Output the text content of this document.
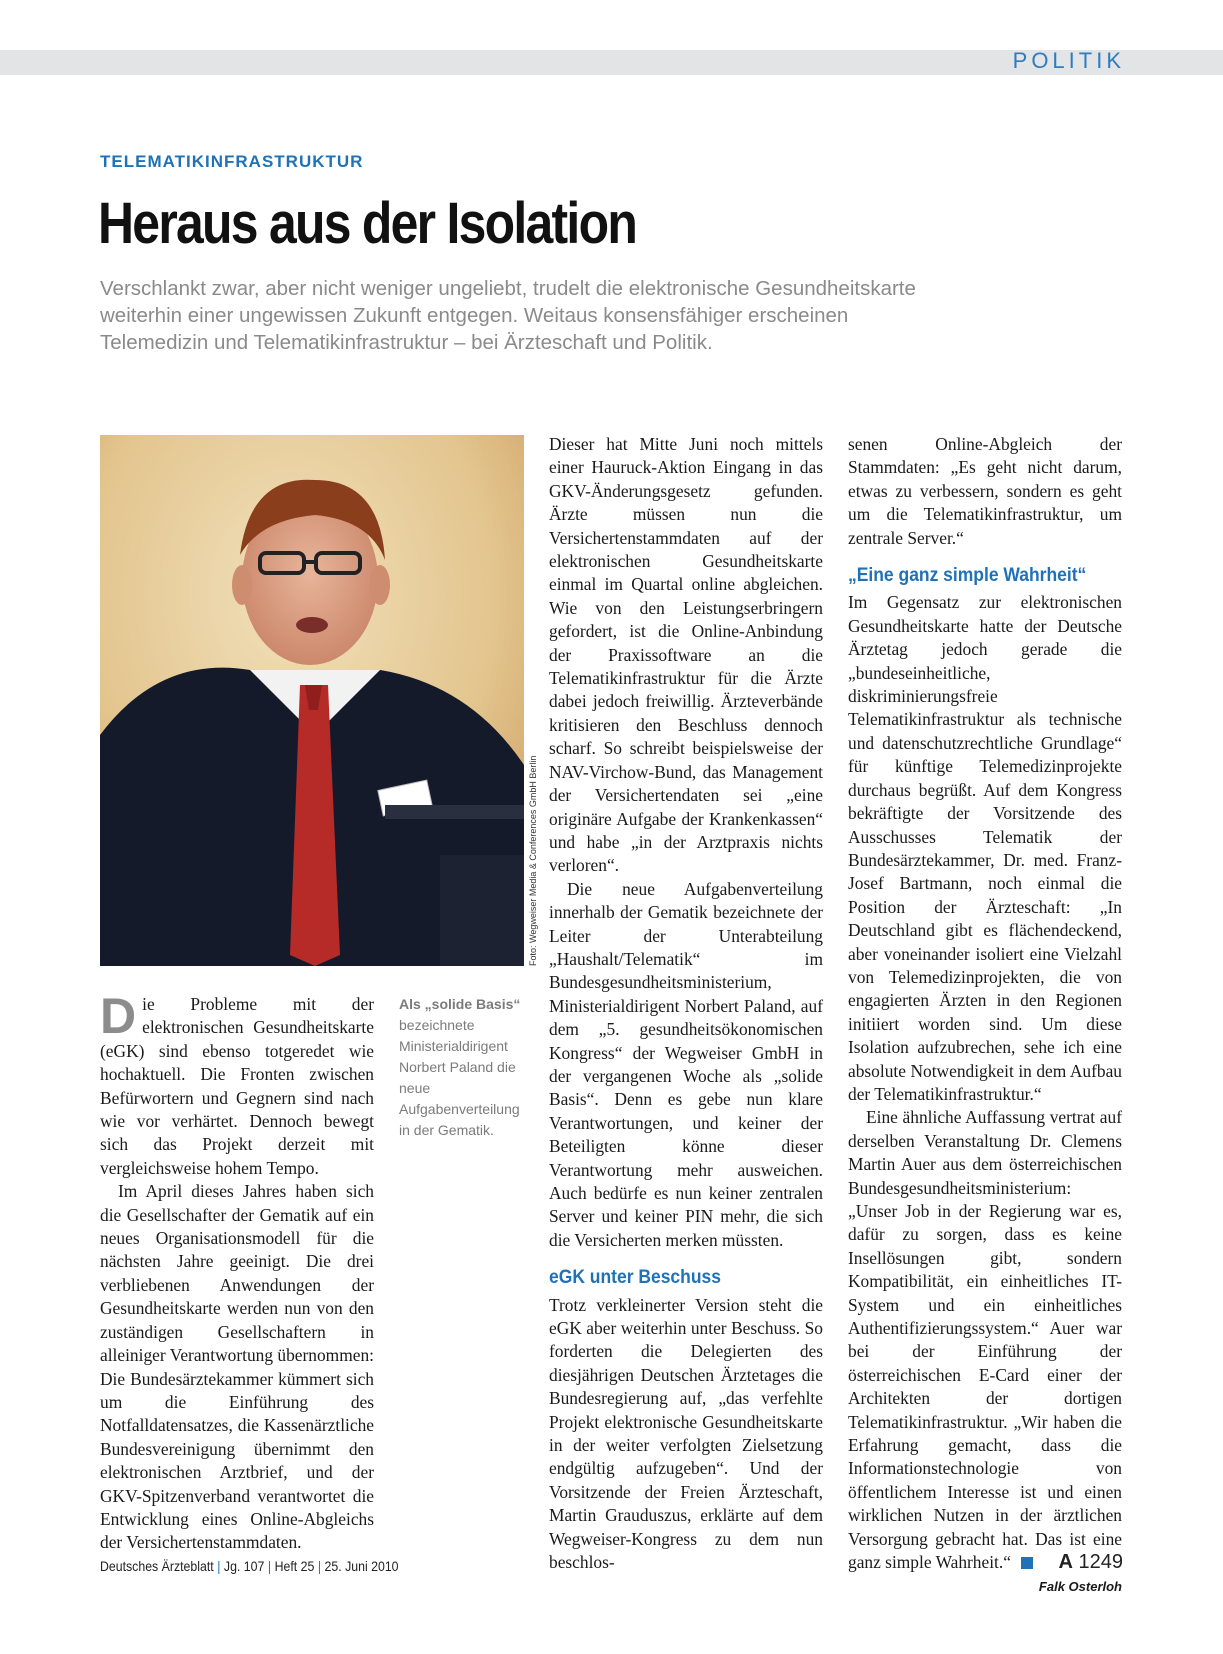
POLITIK
TELEMATIKINFRASTRUKTUR
Heraus aus der Isolation
Verschlankt zwar, aber nicht weniger ungeliebt, trudelt die elektronische Gesundheitskarte weiterhin einer ungewissen Zukunft entgegen. Weitaus konsensfähiger erscheinen Telemedizin und Telematikinfrastruktur – bei Ärzteschaft und Politik.
Foto: Wegweiser Media & Conferences GmbH Berlin
Als „solide Basis“ bezeichnete Ministerialdirigent Norbert Paland die neue Aufgabenverteilung in der Gematik.

Die Probleme mit der elektronischen Gesundheitskarte (eGK) sind ebenso totgeredet wie hochaktuell. Die Fronten zwischen Befürwortern und Gegnern sind nach wie vor verhärtet. Dennoch bewegt sich das Projekt derzeit mit vergleichsweise hohem Tempo.

Im April dieses Jahres haben sich die Gesellschafter der Gematik auf ein neues Organisationsmodell für die nächsten Jahre geeinigt. Die drei verbliebenen Anwendungen der Gesundheitskarte werden nun von den zuständigen Gesellschaftern in alleiniger Verantwortung übernommen: Die Bundesärztekammer kümmert sich um die Einführung des Notfalldatensatzes, die Kassenärztliche Bundesvereinigung übernimmt den elektronischen Arztbrief, und der GKV-Spitzenverband verantwortet die Entwicklung eines Online-Abgleichs der Versichertenstammdaten.

Dieser hat Mitte Juni noch mittels einer Hauruck-Aktion Eingang in das GKV-Änderungsgesetz gefunden. Ärzte müssen nun die Versichertenstammdaten auf der elektronischen Gesundheitskarte einmal im Quartal online abgleichen. Wie von den Leistungserbringern gefordert, ist die Online-Anbindung der Praxissoftware an die Telematikinfrastruktur für die Ärzte dabei jedoch freiwillig. Ärzteverbände kritisieren den Beschluss dennoch scharf. So schreibt beispielsweise der NAV-Virchow-Bund, das Management der Versichertendaten sei „eine originäre Aufgabe der Krankenkassen“ und habe „in der Arztpraxis nichts verloren“.

Die neue Aufgabenverteilung innerhalb der Gematik bezeichnete der Leiter der Unterabteilung „Haushalt/Telematik“ im Bundesgesundheitsministerium, Ministerialdirigent Norbert Paland, auf dem „5. gesundheitsökonomischen Kongress“ der Wegweiser GmbH in der vergangenen Woche als „solide Basis“. Denn es gebe nun klare Verantwortungen, und keiner der Beteiligten könne dieser Verantwortung mehr ausweichen. Auch bedürfe es nun keiner zentralen Server und keiner PIN mehr, die sich die Versicherten merken müssten.

eGK unter Beschuss

Trotz verkleinerter Version steht die eGK aber weiterhin unter Beschuss. So forderten die Delegierten des diesjährigen Deutschen Ärztetages die Bundesregierung auf, „das verfehlte Projekt elektronische Gesundheitskarte in der weiter verfolgten Zielsetzung endgültig aufzugeben“. Und der Vorsitzende der Freien Ärzteschaft, Martin Grauduszus, erklärte auf dem Wegweiser-Kongress zu dem nun beschlos-

senen Online-Abgleich der Stammdaten: „Es geht nicht darum, etwas zu verbessern, sondern es geht um die Telematikinfrastruktur, um zentrale Server.“

„Eine ganz simple Wahrheit“

Im Gegensatz zur elektronischen Gesundheitskarte hatte der Deutsche Ärztetag jedoch gerade die „bundeseinheitliche, diskriminierungsfreie Telematikinfrastruktur als technische und datenschutzrechtliche Grundlage“ für künftige Telemedizinprojekte durchaus begrüßt. Auf dem Kongress bekräftigte der Vorsitzende des Ausschusses Telematik der Bundesärztekammer, Dr. med. Franz-Josef Bartmann, noch einmal die Position der Ärzteschaft: „In Deutschland gibt es flächendeckend, aber voneinander isoliert eine Vielzahl von Telemedizinprojekten, die von engagierten Ärzten in den Regionen initiiert worden sind. Um diese Isolation aufzubrechen, sehe ich eine absolute Notwendigkeit in dem Aufbau der Telematikinfrastruktur.“

Eine ähnliche Auffassung vertrat auf derselben Veranstaltung Dr. Clemens Martin Auer aus dem österreichischen Bundesgesundheitsministerium: „Unser Job in der Regierung war es, dafür zu sorgen, dass es keine Insellösungen gibt, sondern Kompatibilität, ein einheitliches IT-System und ein einheitliches Authentifizierungssystem.“ Auer war bei der Einführung der österreichischen E-Card einer der Architekten der dortigen Telematikinfrastruktur. „Wir haben die Erfahrung gemacht, dass die Informationstechnologie von öffentlichem Interesse ist und einen wirklichen Nutzen in der ärztlichen Versorgung gebracht hat. Das ist eine ganz simple Wahrheit.“

Falk Osterloh
Deutsches Ärzteblatt | Jg. 107 | Heft 25 | 25. Juni 2010	A 1249
